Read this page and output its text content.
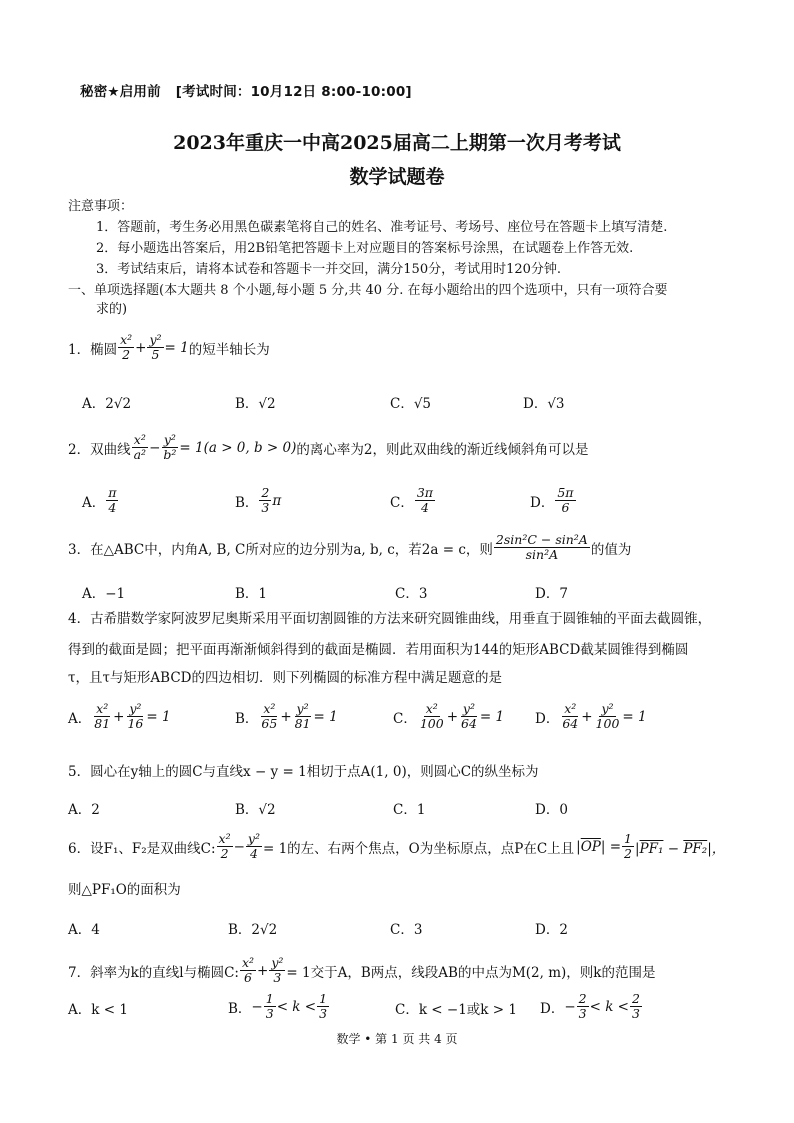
秘密★启用前 [考试时间：10月12日 8:00-10:00]
2023年重庆一中高2025届高二上期第一次月考考试
数学试题卷
注意事项：
1．答题前，考生务必用黑色碳素笔将自己的姓名、准考证号、考场号、座位号在答题卡上填写清楚.
2．每小题选出答案后，用2B铅笔把答题卡上对应题目的答案标号涂黑，在试题卷上作答无效.
3．考试结束后，请将本试卷和答题卡一并交回，满分150分，考试用时120分钟.
一、单项选择题(本大题共 8 个小题,每小题 5 分,共 40 分. 在每小题给出的四个选项中，只有一项符合要
求的)
1．椭圆 $\frac{\text{x²}}{2} + \frac{\text{y²}}{5} = 1$ 的短半轴长为
A．2√2	B．√2	C．√5	D．√3
2．双曲线 $\frac{\text{x²}}{\text{a²}} - \frac{\text{y²}}{\text{b²}} = 1(a > 0$, b > 0) 的离心率为2，则此双曲线的渐近线倾斜角可以是
A． $\frac{\pi}{4}$	B． $\frac{2}{3}$ π	C． $\frac{3\pi}{4}$	D． $\frac{5\pi}{6}$
3．在△ABC中，内角A, B, C所对应的边分别为a, b, c，若2a = c，则 $\frac{\text{2sin²C − sin²A}}{\text{sin²A}}$ 的值为
A．−1	B．1	C．3	D．7
4．古希腊数学家阿波罗尼奥斯采用平面切割圆锥的方法来研究圆锥曲线，用垂直于圆锥轴的平面去截圆锥，
得到的截面是圆；把平面再渐渐倾斜得到的截面是椭圆．若用面积为144的矩形ABCD截某圆锥得到椭圆
τ，且τ与矩形ABCD的四边相切．则下列椭圆的标准方程中满足题意的是
A． $\frac{\text{x²}}{81} + \frac{\text{y²}}{16} = 1$	B． $\frac{\text{x²}}{65} + \frac{\text{y²}}{81} = 1$	C． $\frac{\text{x²}}{100} + \frac{\text{y²}}{64} = 1$ D． $\frac{\text{x²}}{64} + \frac{\text{y²}}{100} = 1$
5．圆心在y轴上的圆C与直线x − y = 1相切于点A(1, 0)，则圆心C的纵坐标为
A．2	B．√2	C．1	D．0
6．设F₁、F₂是双曲线C: $\frac{\text{x²}}{2} - \frac{\text{y²}}{4} = 1$的左、右两个焦点，O为坐标原点，点P在C上且 $|\overline{OP}| = \frac{1}{2} |PF_1 - PF_2|$，
则△PF₁O的面积为
A．4	B．2√2	C．3	D．2
7．斜率为k的直线l与椭圆C: $\frac{\text{x²}}{6} + \frac{\text{y²}}{3} = 1$交于A，B两点，线段AB的中点为M(2, m)，则k的范围是
A．k < 1	B． − $\frac{1}{3} < k < \frac{1}{3}$	C．k < −1或k > 1 D． − $\frac{2}{3} < k < \frac{2}{3}$
数学 • 第 1 页 共 4 页
